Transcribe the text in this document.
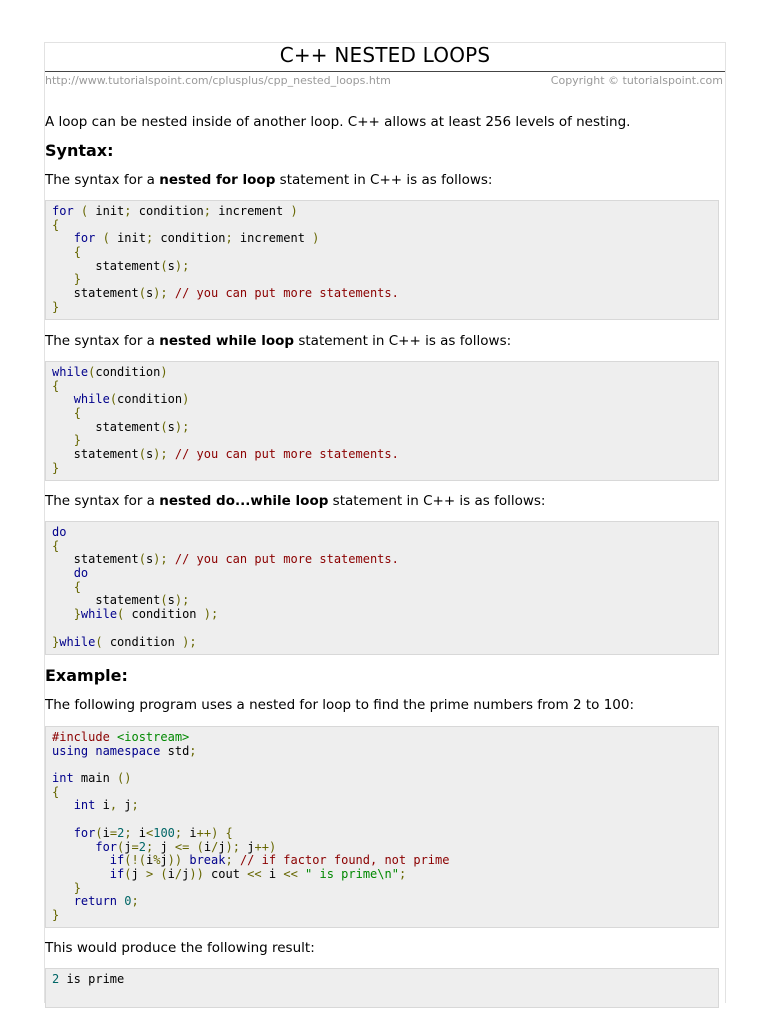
C++ NESTED LOOPS
http://www.tutorialspoint.com/cplusplus/cpp_nested_loops.htm	Copyright © tutorialspoint.com
A loop can be nested inside of another loop. C++ allows at least 256 levels of nesting.
Syntax:
The syntax for a nested for loop statement in C++ is as follows:
for ( init; condition; increment )
{
for ( init; condition; increment )
{
statement(s);
}
statement(s); // you can put more statements.
}
The syntax for a nested while loop statement in C++ is as follows:
while(condition)
{
while(condition)
{
statement(s);
}
statement(s); // you can put more statements.
}
The syntax for a nested do...while loop statement in C++ is as follows:
do
{
statement(s); // you can put more statements.
do
{
statement(s);
}while( condition );
}while( condition );
Example:
The following program uses a nested for loop to find the prime numbers from 2 to 100:
#include <iostream>
using namespace std;
int main ()
{
int i, j;
for(i=2; i<100; i++) {
for(j=2; j <= (i/j); j++)
if(!(i%j)) break; // if factor found, not prime
if(j > (i/j)) cout << i << " is prime\n";
}
return 0;
}
This would produce the following result:
2 is prime
